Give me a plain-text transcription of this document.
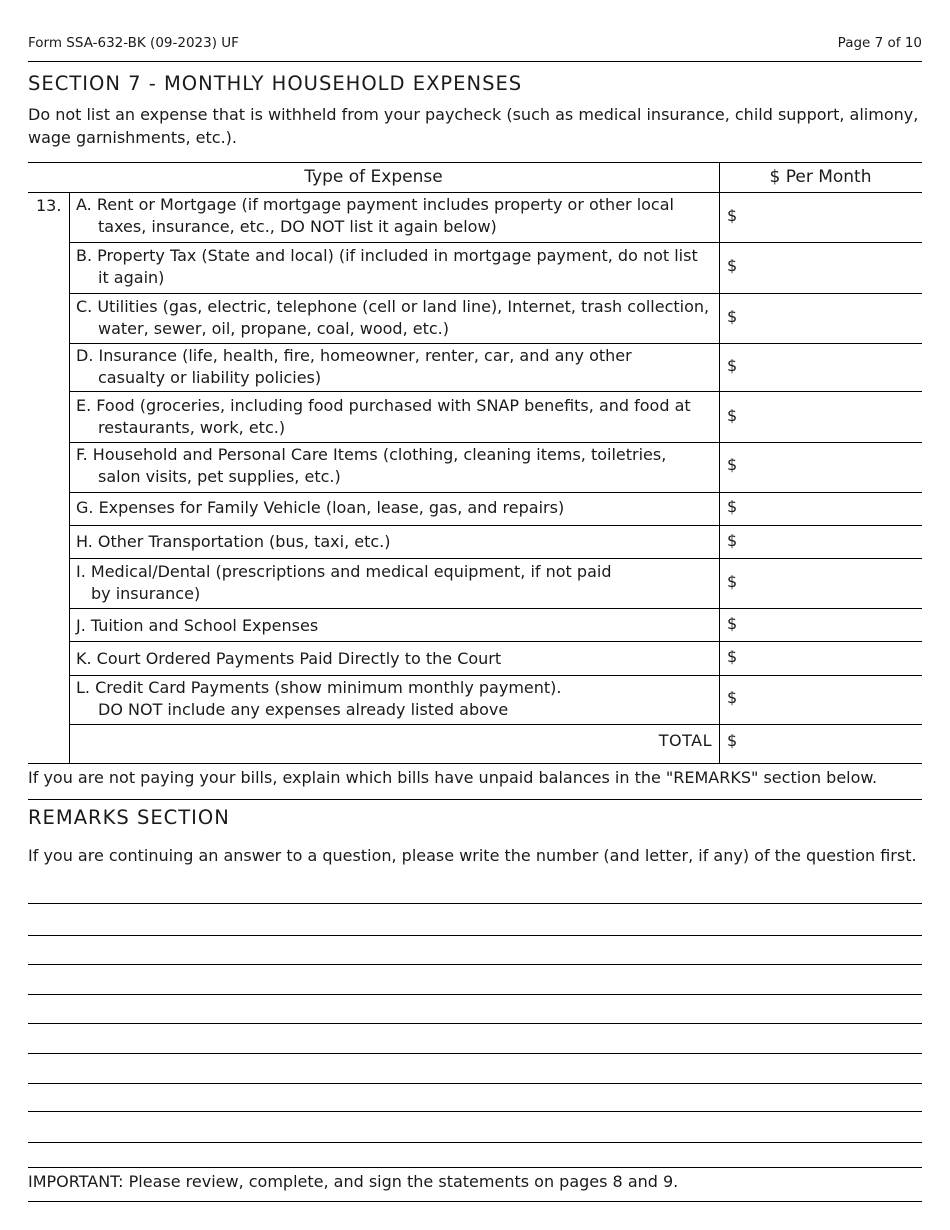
Form SSA-632-BK (09-2023) UF	Page 7 of 10
SECTION 7 - MONTHLY HOUSEHOLD EXPENSES
Do not list an expense that is withheld from your paycheck (such as medical insurance, child support, alimony, wage garnishments, etc.).
Type of Expense	$ Per Month
13. A. Rent or Mortgage (if mortgage payment includes property or other local
taxes, insurance, etc., DO NOT list it again below)
$
B. Property Tax (State and local) (if included in mortgage payment, do not list
it again)
$
C. Utilities (gas, electric, telephone (cell or land line), Internet, trash collection,
water, sewer, oil, propane, coal, wood, etc.)
$
D. Insurance (life, health, fire, homeowner, renter, car, and any other
casualty or liability policies)
$
E. Food (groceries, including food purchased with SNAP benefits, and food at
restaurants, work, etc.)
$
F. Household and Personal Care Items (clothing, cleaning items, toiletries,
salon visits, pet supplies, etc.)
$
G. Expenses for Family Vehicle (loan, lease, gas, and repairs)	$
H. Other Transportation (bus, taxi, etc.)	$
I. Medical/Dental (prescriptions and medical equipment, if not paid
by insurance)
$
J. Tuition and School Expenses	$
K. Court Ordered Payments Paid Directly to the Court	$
L. Credit Card Payments (show minimum monthly payment).
DO NOT include any expenses already listed above
$
TOTAL $
If you are not paying your bills, explain which bills have unpaid balances in the "REMARKS" section below.
REMARKS SECTION
If you are continuing an answer to a question, please write the number (and letter, if any) of the question first.
IMPORTANT: Please review, complete, and sign the statements on pages 8 and 9.
